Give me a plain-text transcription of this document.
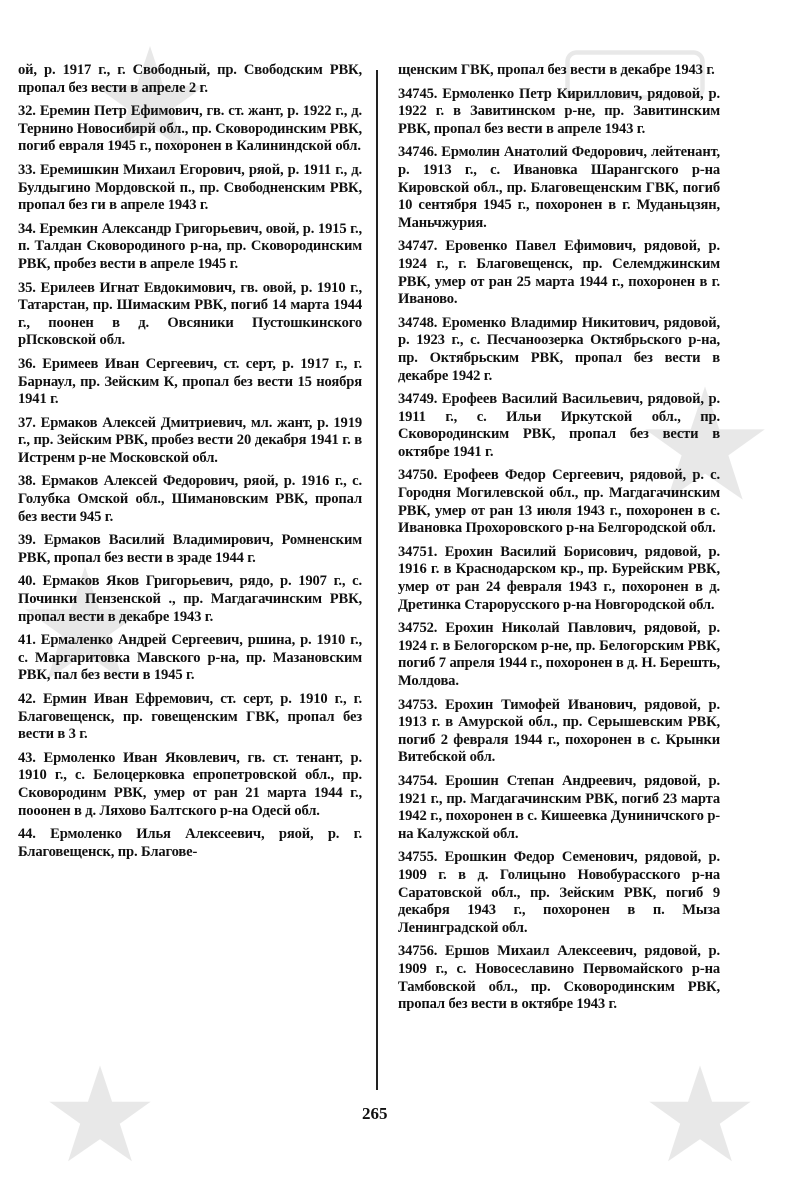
ой, р. 1917 г., г. Свободный, пр. Свободским РВК, пропал без вести в апреле 2 г.

32. Еремин Петр Ефимович, гв. ст. жант, р. 1922 г., д. Тернино Новосибирй обл., пр. Сковородинским РВК, погиб евраля 1945 г., похоронен в Калининдской обл.

33. Еремишкин Михаил Егорович, ряой, р. 1911 г., д. Булдыгино Мордовской п., пр. Свободненским РВК, пропал без ги в апреле 1943 г.

34. Еремкин Александр Григорьевич, овой, р. 1915 г., п. Талдан Сковородиного р-на, пр. Сковородинским РВК, пробез вести в апреле 1945 г.

35. Ерилеев Игнат Евдокимович, гв. овой, р. 1910 г., Татарстан, пр. Шимаским РВК, погиб 14 марта 1944 г., поонен в д. Овсяники Пустошкинского рПсковской обл.

36. Еримеев Иван Сергеевич, ст. серт, р. 1917 г., г. Барнаул, пр. Зейским К, пропал без вести 15 ноября 1941 г.

37. Ермаков Алексей Дмитриевич, мл. жант, р. 1919 г., пр. Зейским РВК, пробез вести 20 декабря 1941 г. в Истренм р-не Московской обл.

38. Ермаков Алексей Федорович, ряой, р. 1916 г., с. Голубка Омской обл., Шимановским РВК, пропал без вести 945 г.

39. Ермаков Василий Владимирович, Ромненским РВК, пропал без вести в зраде 1944 г.

40. Ермаков Яков Григорьевич, рядо, р. 1907 г., с. Починки Пензенской ., пр. Магдагачинским РВК, пропал вести в декабре 1943 г.

41. Ермаленко Андрей Сергеевич, ршина, р. 1910 г., с. Маргаритовка Мавского р-на, пр. Мазановским РВК, пал без вести в 1945 г.

42. Ермин Иван Ефремович, ст. серт, р. 1910 г., г. Благовещенск, пр. говещенским ГВК, пропал без вести в 3 г.

43. Ермоленко Иван Яковлевич, гв. ст. тенант, р. 1910 г., с. Белоцерковка епропетровской обл., пр. Сковородинм РВК, умер от ран 21 марта 1944 г., пооонен в д. Ляхово Балтского р-на Одесй обл.

44. Ермоленко Илья Алексеевич, ряой, р. г. Благовещенск, пр. Благове-

щенским ГВК, пропал без вести в декабре 1943 г.

34745. Ермоленко Петр Кириллович, рядовой, р. 1922 г. в Завитинском р-не, пр. Завитинским РВК, пропал без вести в апреле 1943 г.

34746. Ермолин Анатолий Федорович, лейтенант, р. 1913 г., с. Ивановка Шарангского р-на Кировской обл., пр. Благовещенским ГВК, погиб 10 сентября 1945 г., похоронен в г. Муданьцзян, Маньчжурия.

34747. Еровенко Павел Ефимович, рядовой, р. 1924 г., г. Благовещенск, пр. Селемджинским РВК, умер от ран 25 марта 1944 г., похоронен в г. Иваново.

34748. Ероменко Владимир Никитович, рядовой, р. 1923 г., с. Песчаноозерка Октябрьского р-на, пр. Октябрьским РВК, пропал без вести в декабре 1942 г.

34749. Ерофеев Василий Васильевич, рядовой, р. 1911 г., с. Ильи Иркутской обл., пр. Сковородинским РВК, пропал без вести в октябре 1941 г.

34750. Ерофеев Федор Сергеевич, рядовой, р. с. Городня Могилевской обл., пр. Магдагачинским РВК, умер от ран 13 июля 1943 г., похоронен в с. Ивановка Прохоровского р-на Белгородской обл.

34751. Ерохин Василий Борисович, рядовой, р. 1916 г. в Краснодарском кр., пр. Бурейским РВК, умер от ран 24 февраля 1943 г., похоронен в д. Дретинка Старорусского р-на Новгородской обл.

34752. Ерохин Николай Павлович, рядовой, р. 1924 г. в Белогорском р-не, пр. Белогорским РВК, погиб 7 апреля 1944 г., похоронен в д. Н. Берешть, Молдова.

34753. Ерохин Тимофей Иванович, рядовой, р. 1913 г. в Амурской обл., пр. Серышевским РВК, погиб 2 февраля 1944 г., похоронен в с. Крынки Витебской обл.

34754. Ерошин Степан Андреевич, рядовой, р. 1921 г., пр. Магдагачинским РВК, погиб 23 марта 1942 г., похоронен в с. Кишеевка Дуниничского р-на Калужской обл.

34755. Ерошкин Федор Семенович, рядовой, р. 1909 г. в д. Голицыно Новобурасского р-на Саратовской обл., пр. Зейским РВК, погиб 9 декабря 1943 г., похоронен в п. Мыза Ленинградской обл.

34756. Ершов Михаил Алексеевич, рядовой, р. 1909 г., с. Новосеславино Первомайского р-на Тамбовской обл., пр. Сковородинским РВК, пропал без вести в октябре 1943 г.

265
